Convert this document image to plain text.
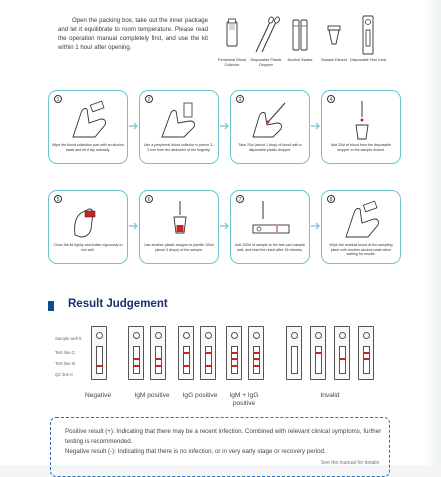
Open the packing box, take out the inner package and let it equilibrate to room temperature. Please read the operation manual completely first, and use the kit within 1 hour after opening.

Peripheral Blood Collector
Disposable Plastic Dropper
Alcohol Swabs	Sample Diluent Disposable Test Card
1
Wipe the blood collection part with an alcohol swab and let it dry naturally.
2
Use a peripheral blood collector to pierce 2–3 mm from the abdomen of the fingertip.
3
Take 20ul (about 1 drop) of blood with a disposable plastic dropper.
4
Add 20ul of blood from the disposable dropper to the sample diluent.
5
Close the lid tightly and shake vigorously to mix well.
6
Use another plastic dropper to pipette 100ul (about 3 drops) of the sample.
7
Add 100ul of sample to the test card sample well, and read the result after 15 minutes.
8
Wipe the residual blood at the sampling place with another alcohol swab when waiting for results.
Result Judgement
Sample well S
Test line G
Test line M
QC line C
Negative	IgM positive	IgG positive	IgM + IgG positive
Invalid
Positive result (+): Indicating that there may be a recent infection. Combined with relevant clinical symptoms, further testing is recommended.
Negative result (-): Indicating that there is no infection, or in very early stage or recovery period.
See the manual for details
